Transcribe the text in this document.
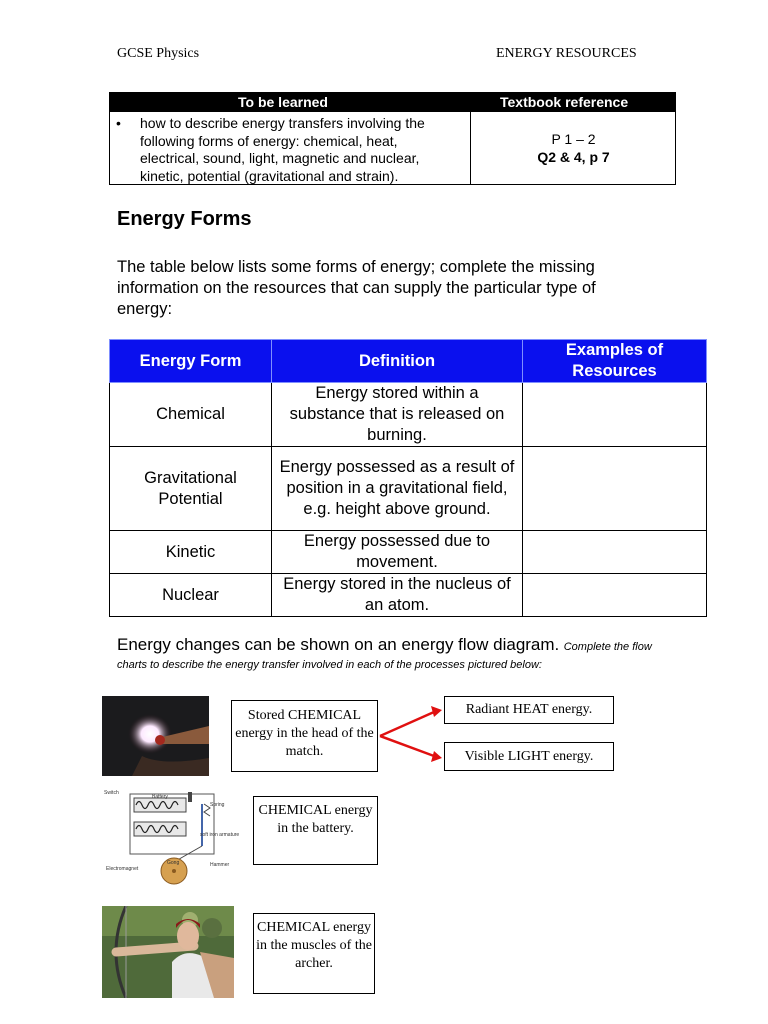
GCSE Physics	ENERGY RESOURCES
To be learned	Textbook reference
• how to describe energy transfers involving the
following forms of energy: chemical, heat,
electrical, sound, light, magnetic and nuclear,
kinetic, potential (gravitational and strain).
P 1 – 2
Q2 & 4, p 7
Energy Forms
The table below lists some forms of energy; complete the missing
information on the resources that can supply the particular type of
energy:
Energy Form	Definition	Examples of Resources
Chemical	Energy stored within a substance that is released on burning.	
Gravitational Potential	Energy possessed as a result of position in a gravitational field, e.g. height above ground.	
Kinetic	Energy possessed due to movement.	
Nuclear	Energy stored in the nucleus of an atom.	
Energy changes can be shown on an energy flow diagram. Complete the flow charts to describe the energy transfer involved in each of the processes pictured below:
Stored CHEMICAL energy in the head of the match.
Radiant HEAT energy.
Visible LIGHT energy.
Switch
Battery
Spring
soft iron armature
Electromagnet
Gong	Hammer
CHEMICAL energy in the battery.
CHEMICAL energy in the muscles of the archer.
